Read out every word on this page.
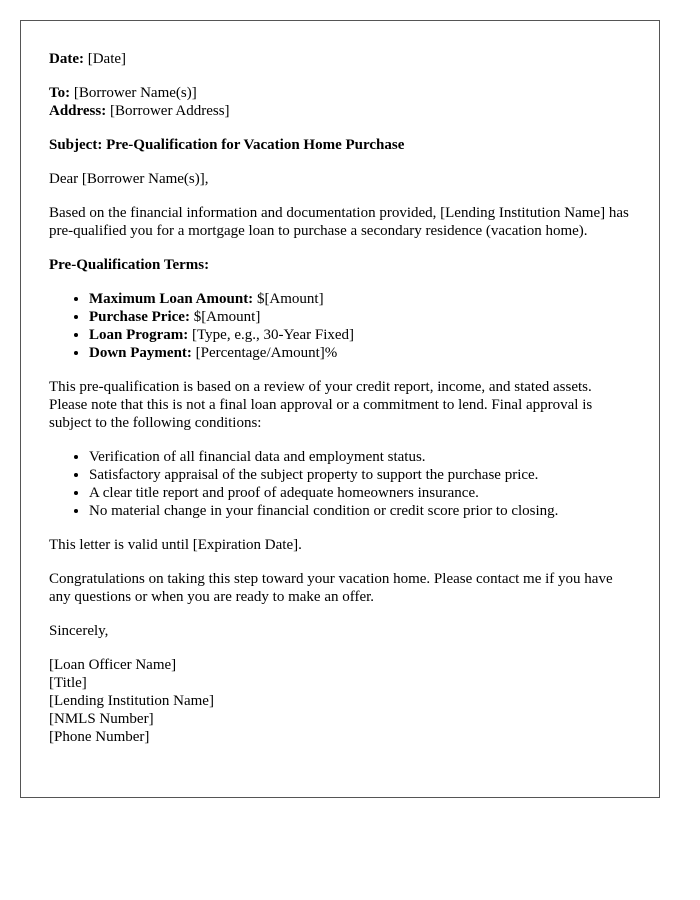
Date: [Date]

To: [Borrower Name(s)]
Address: [Borrower Address]

Subject: Pre-Qualification for Vacation Home Purchase

Dear [Borrower Name(s)],

Based on the financial information and documentation provided, [Lending Institution Name] has pre-qualified you for a mortgage loan to purchase a secondary residence (vacation home).

Pre-Qualification Terms:

• Maximum Loan Amount: $[Amount]
• Purchase Price: $[Amount]
• Loan Program: [Type, e.g., 30-Year Fixed]
• Down Payment: [Percentage/Amount]%

This pre-qualification is based on a review of your credit report, income, and stated assets. Please note that this is not a final loan approval or a commitment to lend. Final approval is subject to the following conditions:

• Verification of all financial data and employment status.
• Satisfactory appraisal of the subject property to support the purchase price.
• A clear title report and proof of adequate homeowners insurance.
• No material change in your financial condition or credit score prior to closing.

This letter is valid until [Expiration Date].

Congratulations on taking this step toward your vacation home. Please contact me if you have any questions or when you are ready to make an offer.

Sincerely,

[Loan Officer Name]
[Title]
[Lending Institution Name]
[NMLS Number]
[Phone Number]
